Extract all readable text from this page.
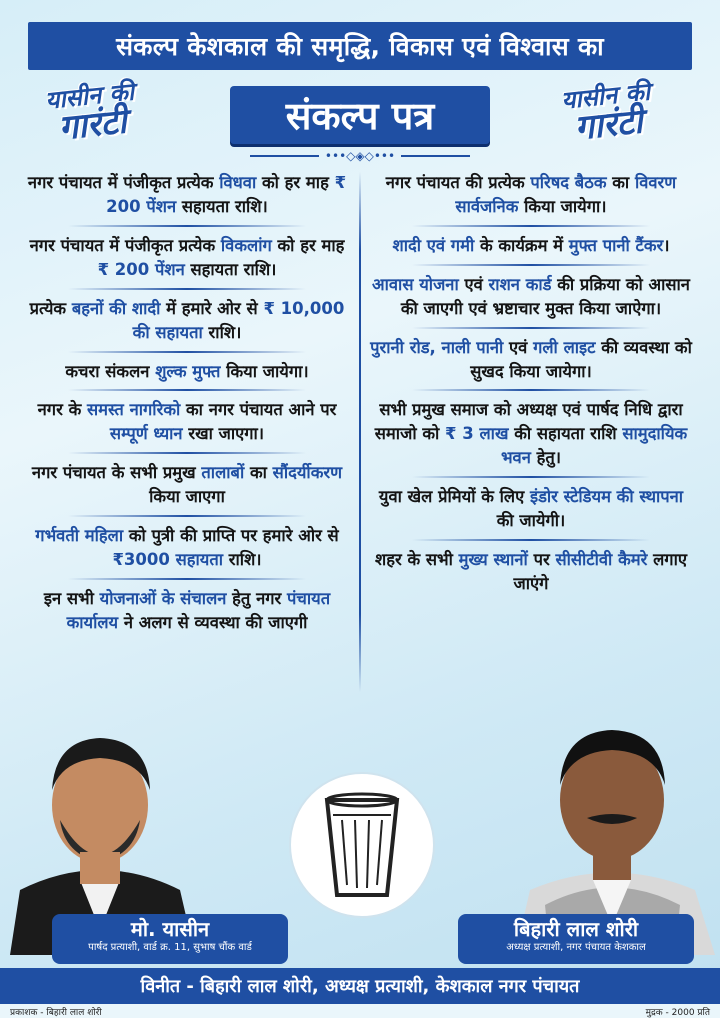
संकल्प केशकाल की समृद्धि, विकास एवं विश्वास का
यासीन की
गारंटी
यासीन की
गारंटी
संकल्प पत्र
•••◇◈◇•••
नगर पंचायत में पंजीकृत प्रत्येक विधवा को हर माह ₹ 200 पेंशन सहायता राशि।
नगर पंचायत में पंजीकृत प्रत्येक विकलांग को हर माह ₹ 200 पेंशन सहायता राशि।
प्रत्येक बहनों की शादी में हमारे ओर से ₹ 10,000 की सहायता राशि।
कचरा संकलन शुल्क मुफ्त किया जायेगा।
नगर के समस्त नागरिको का नगर पंचायत आने पर सम्पूर्ण ध्यान रखा जाएगा।
नगर पंचायत के सभी प्रमुख तालाबों का सौंदर्यीकरण किया जाएगा
गर्भवती महिला को पुत्री की प्राप्ति पर हमारे ओर से ₹3000 सहायता राशि।
इन सभी योजनाओं के संचालन हेतु नगर पंचायत कार्यालय ने अलग से व्यवस्था की जाएगी
नगर पंचायत की प्रत्येक परिषद बैठक का विवरण सार्वजनिक किया जायेगा।
शादी एवं गमी के कार्यक्रम में मुफ्त पानी टैंकर।
आवास योजना एवं राशन कार्ड की प्रक्रिया को आसान की जाएगी एवं भ्रष्टाचार मुक्त किया जाऐगा।
पुरानी रोड, नाली पानी एवं गली लाइट की व्यवस्था को सुखद किया जायेगा।
सभी प्रमुख समाज को अध्यक्ष एवं पार्षद निधि द्वारा समाजो को ₹ 3 लाख की सहायता राशि सामुदायिक भवन हेतु।
युवा खेल प्रेमियों के लिए इंडोर स्टेडियम की स्थापना की जायेगी।
शहर के सभी मुख्य स्थानों पर सीसीटीवी कैमरे लगाए जाएंगे
मो. यासीन
पार्षद प्रत्याशी, वार्ड क्र. 11, सुभाष चौंक वार्ड
बिहारी लाल शोरी
अध्यक्ष प्रत्याशी, नगर पंचायत केशकाल
विनीत - बिहारी लाल शोरी, अध्यक्ष प्रत्याशी, केशकाल नगर पंचायत
प्रकाशक - बिहारी लाल शोरी	मुद्रक - 2000 प्रति
